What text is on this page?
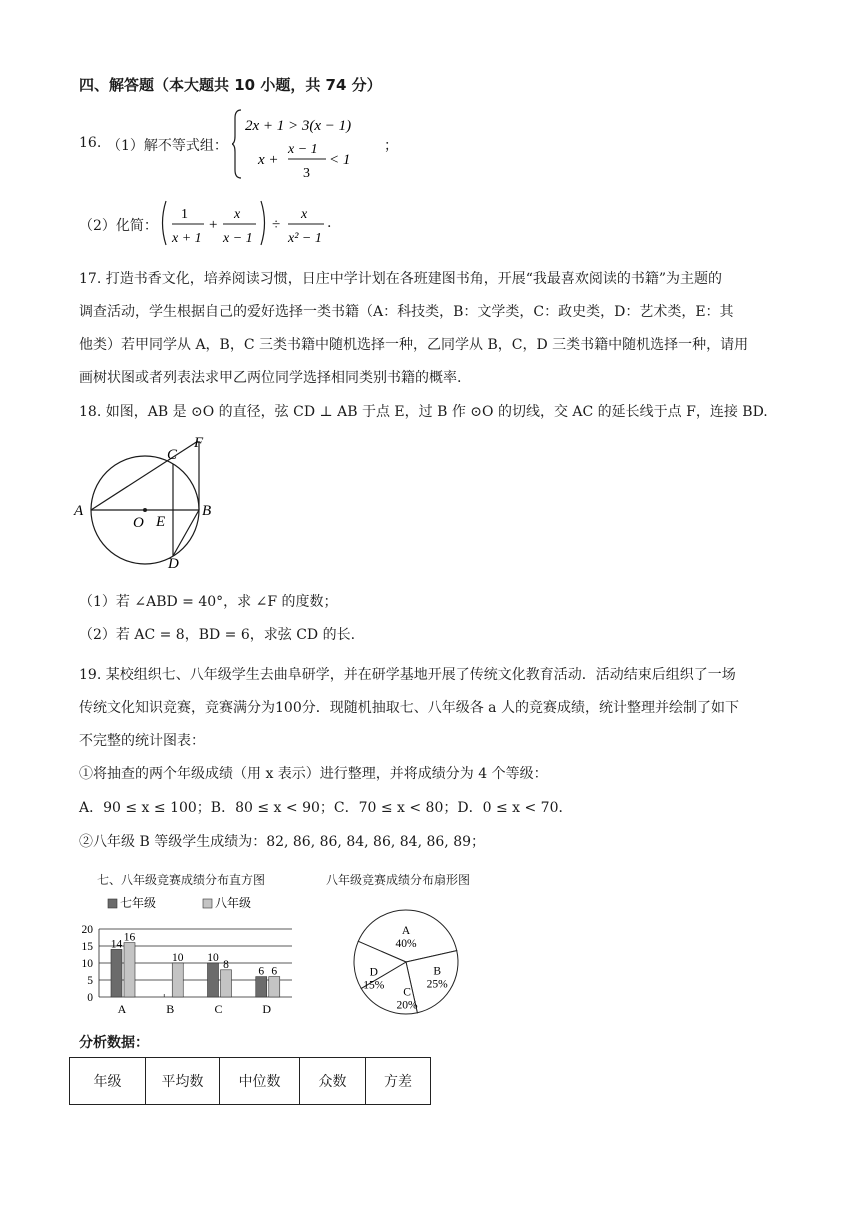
四、解答题（本大题共 10 小题，共 74 分）
16. （1）解不等式组：
2x + 1 > 3(x − 1)
x +
x − 1
3
< 1
；
（2）化简：
1
x + 1
+
x
x − 1
÷
x
x² − 1
.
17. 打造书香文化，培养阅读习惯，日庄中学计划在各班建图书角，开展“我最喜欢阅读的书籍”为主题的
调查活动，学生根据自己的爱好选择一类书籍（A：科技类，B：文学类，C：政史类，D：艺术类，E：其
他类）若甲同学从 A，B，C 三类书籍中随机选择一种，乙同学从 B，C，D 三类书籍中随机选择一种，请用
画树状图或者列表法求甲乙两位同学选择相同类别书籍的概率.
18. 如图，AB 是 ⊙O 的直径，弦 CD ⊥ AB 于点 E，过 B 作 ⊙O 的切线，交 AC 的延长线于点 F，连接 BD.
A	B
C
D
E
F
O
（1）若 ∠ABD = 40°，求 ∠F 的度数；
（2）若 AC = 8，BD = 6，求弦 CD 的长.
19. 某校组织七、八年级学生去曲阜研学，并在研学基地开展了传统文化教育活动．活动结束后组织了一场
传统文化知识竞赛，竞赛满分为100分．现随机抽取七、八年级各 a 人的竞赛成绩，统计整理并绘制了如下
不完整的统计图表：
①将抽查的两个年级成绩（用 x 表示）进行整理，并将成绩分为 4 个等级：
A．90 ≤ x ≤ 100；B．80 ≤ x < 90；C．70 ≤ x < 80；D．0 ≤ x < 70．
②八年级 B 等级学生成绩为：82, 86, 86, 84, 86, 84, 86, 89；
七、八年级竞赛成绩分布直方图
七年级	八年级
0
5
10
15
20
14
16
A
10
B
10
8
C
6 6
D
八年级竞赛成绩分布扇形图
A
40%
B
25%
C
20%
D
15%
分析数据：
年级	平均数	中位数	众数	方差
